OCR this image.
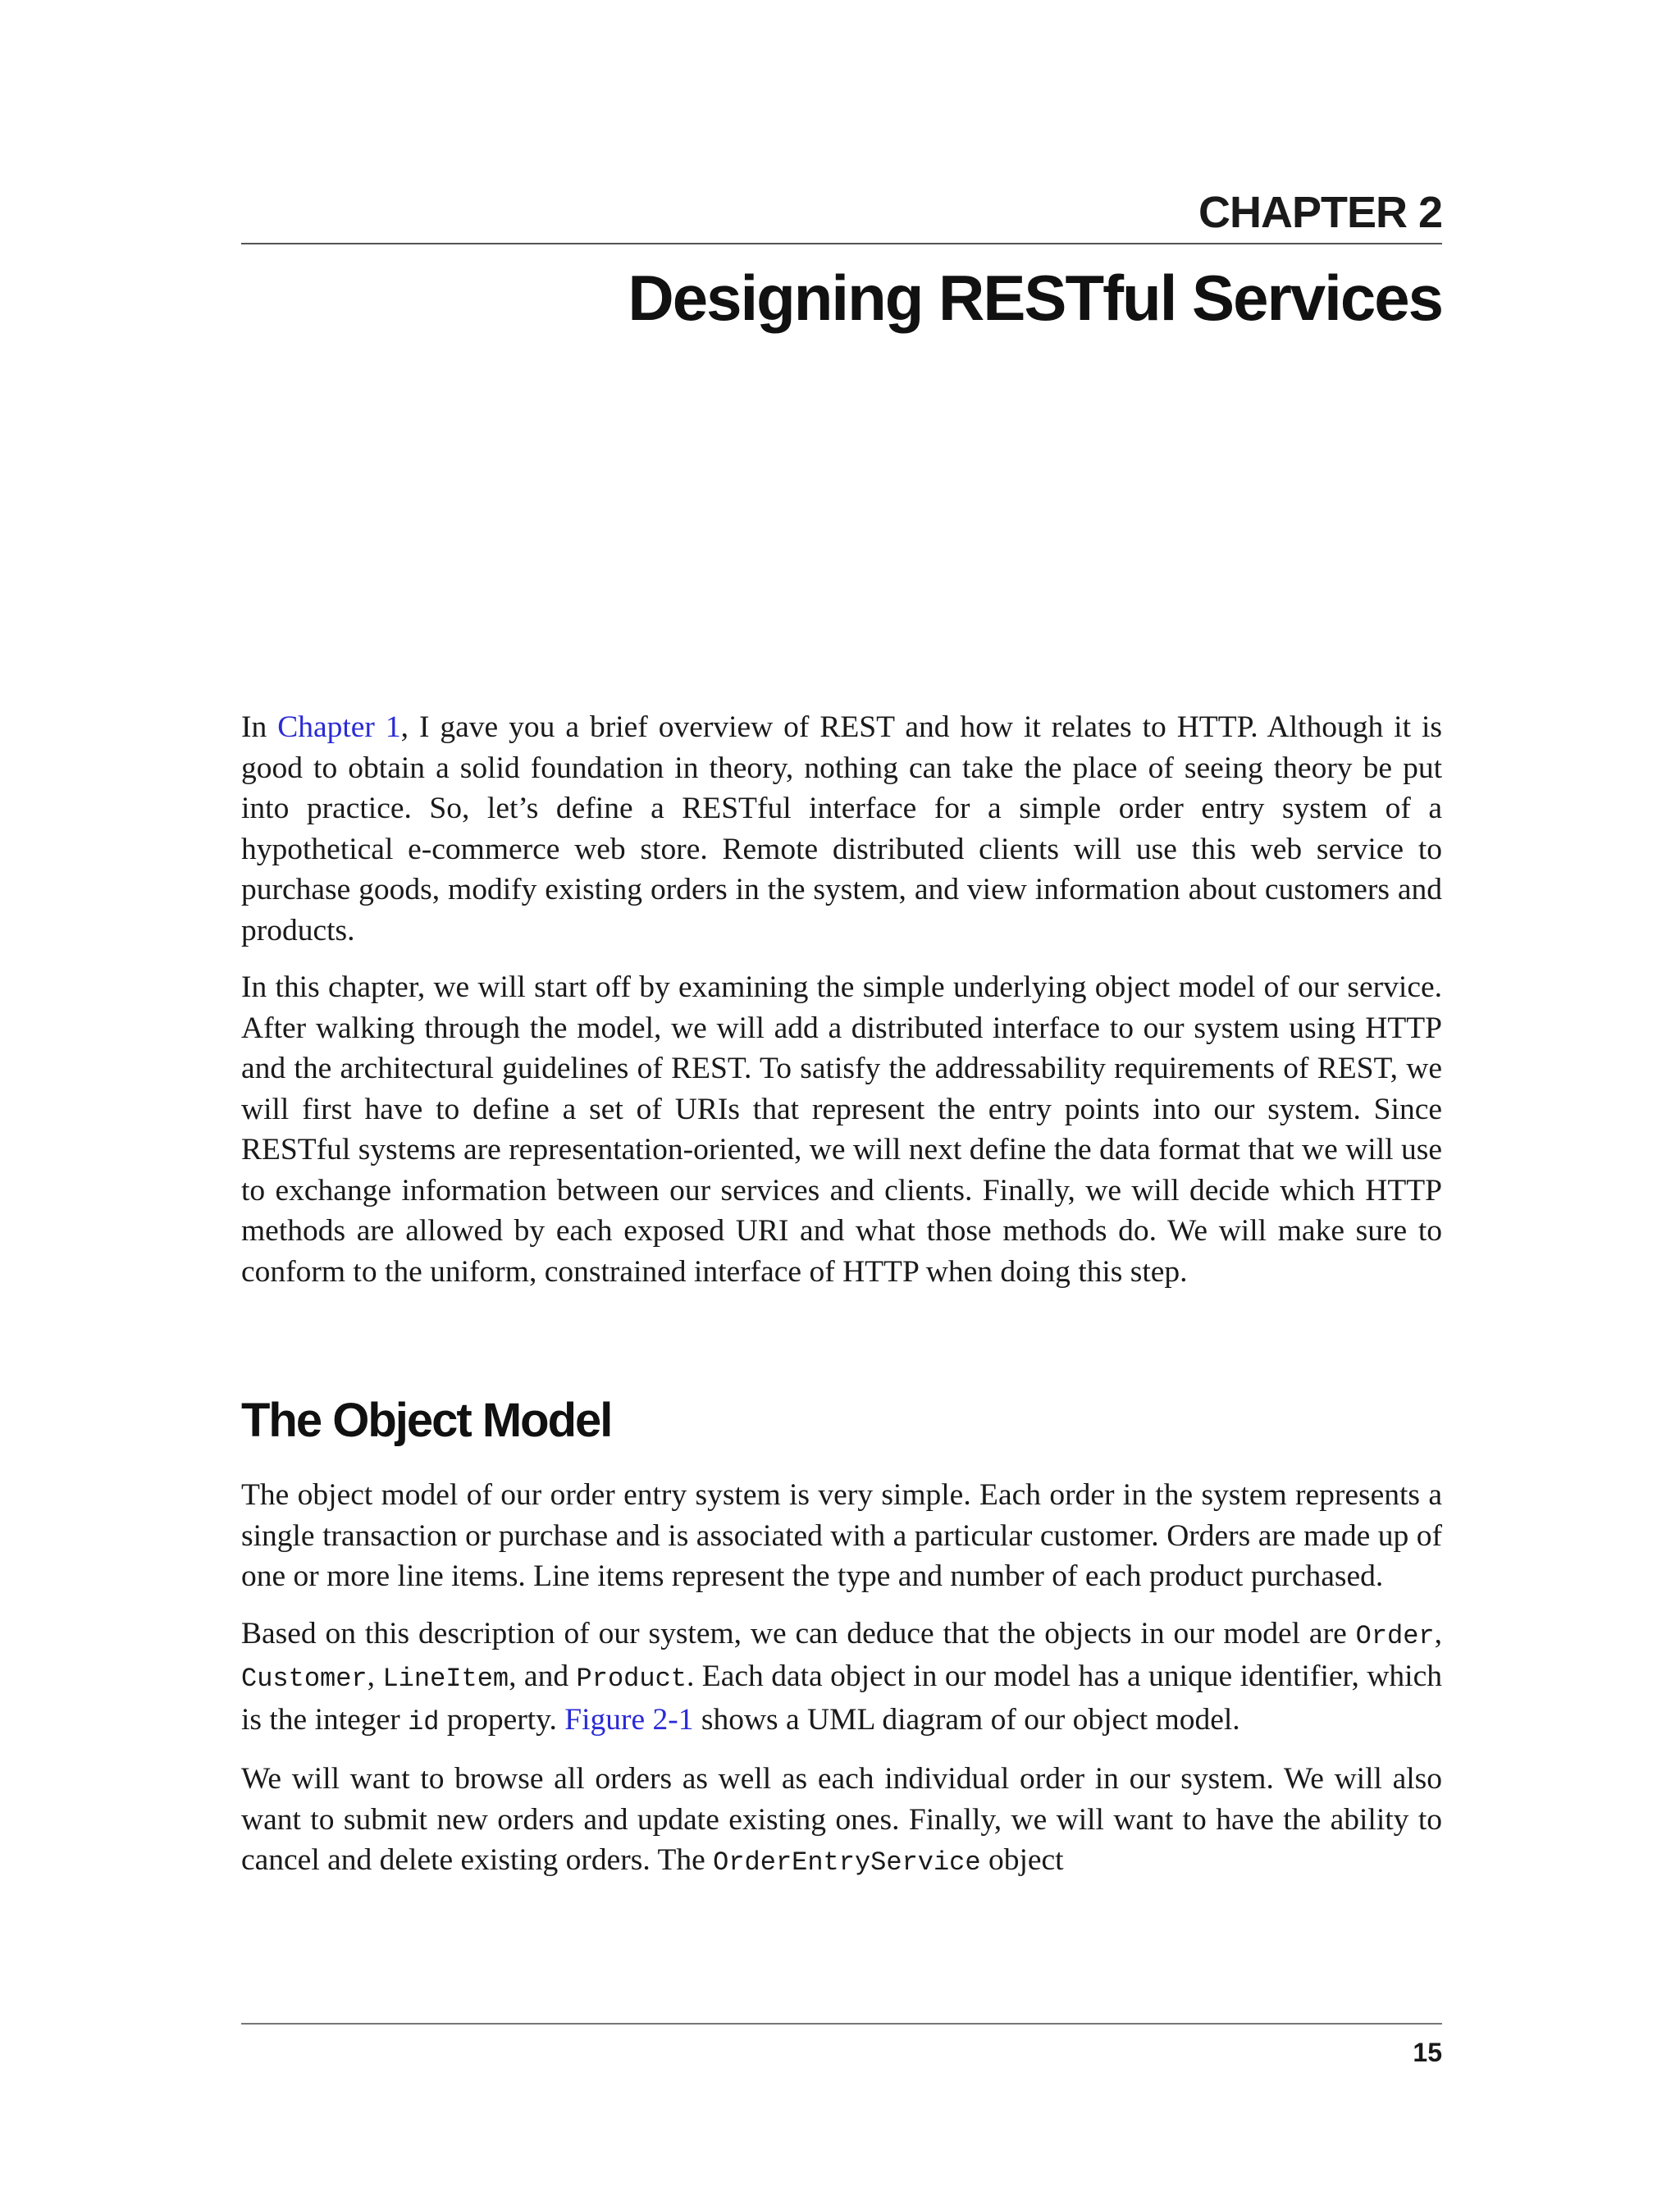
CHAPTER 2
Designing RESTful Services

In Chapter 1, I gave you a brief overview of REST and how it relates to HTTP. Although it is good to obtain a solid foundation in theory, nothing can take the place of seeing theory be put into practice. So, let’s define a RESTful interface for a simple order entry system of a hypothetical e-commerce web store. Remote distributed clients will use this web service to purchase goods, modify existing orders in the system, and view information about customers and products.

In this chapter, we will start off by examining the simple underlying object model of our service. After walking through the model, we will add a distributed interface to our system using HTTP and the architectural guidelines of REST. To satisfy the addressability requirements of REST, we will first have to define a set of URIs that represent the entry points into our system. Since RESTful systems are representation-oriented, we will next define the data format that we will use to exchange information between our services and clients. Finally, we will decide which HTTP methods are allowed by each exposed URI and what those methods do. We will make sure to conform to the uniform, constrained interface of HTTP when doing this step.

The Object Model

The object model of our order entry system is very simple. Each order in the system represents a single transaction or purchase and is associated with a particular customer. Orders are made up of one or more line items. Line items represent the type and number of each product purchased.

Based on this description of our system, we can deduce that the objects in our model are Order, Customer, LineItem, and Product. Each data object in our model has a unique identifier, which is the integer id property. Figure 2-1 shows a UML diagram of our object model.

We will want to browse all orders as well as each individual order in our system. We will also want to submit new orders and update existing ones. Finally, we will want to have the ability to cancel and delete existing orders. The OrderEntryService object

15
